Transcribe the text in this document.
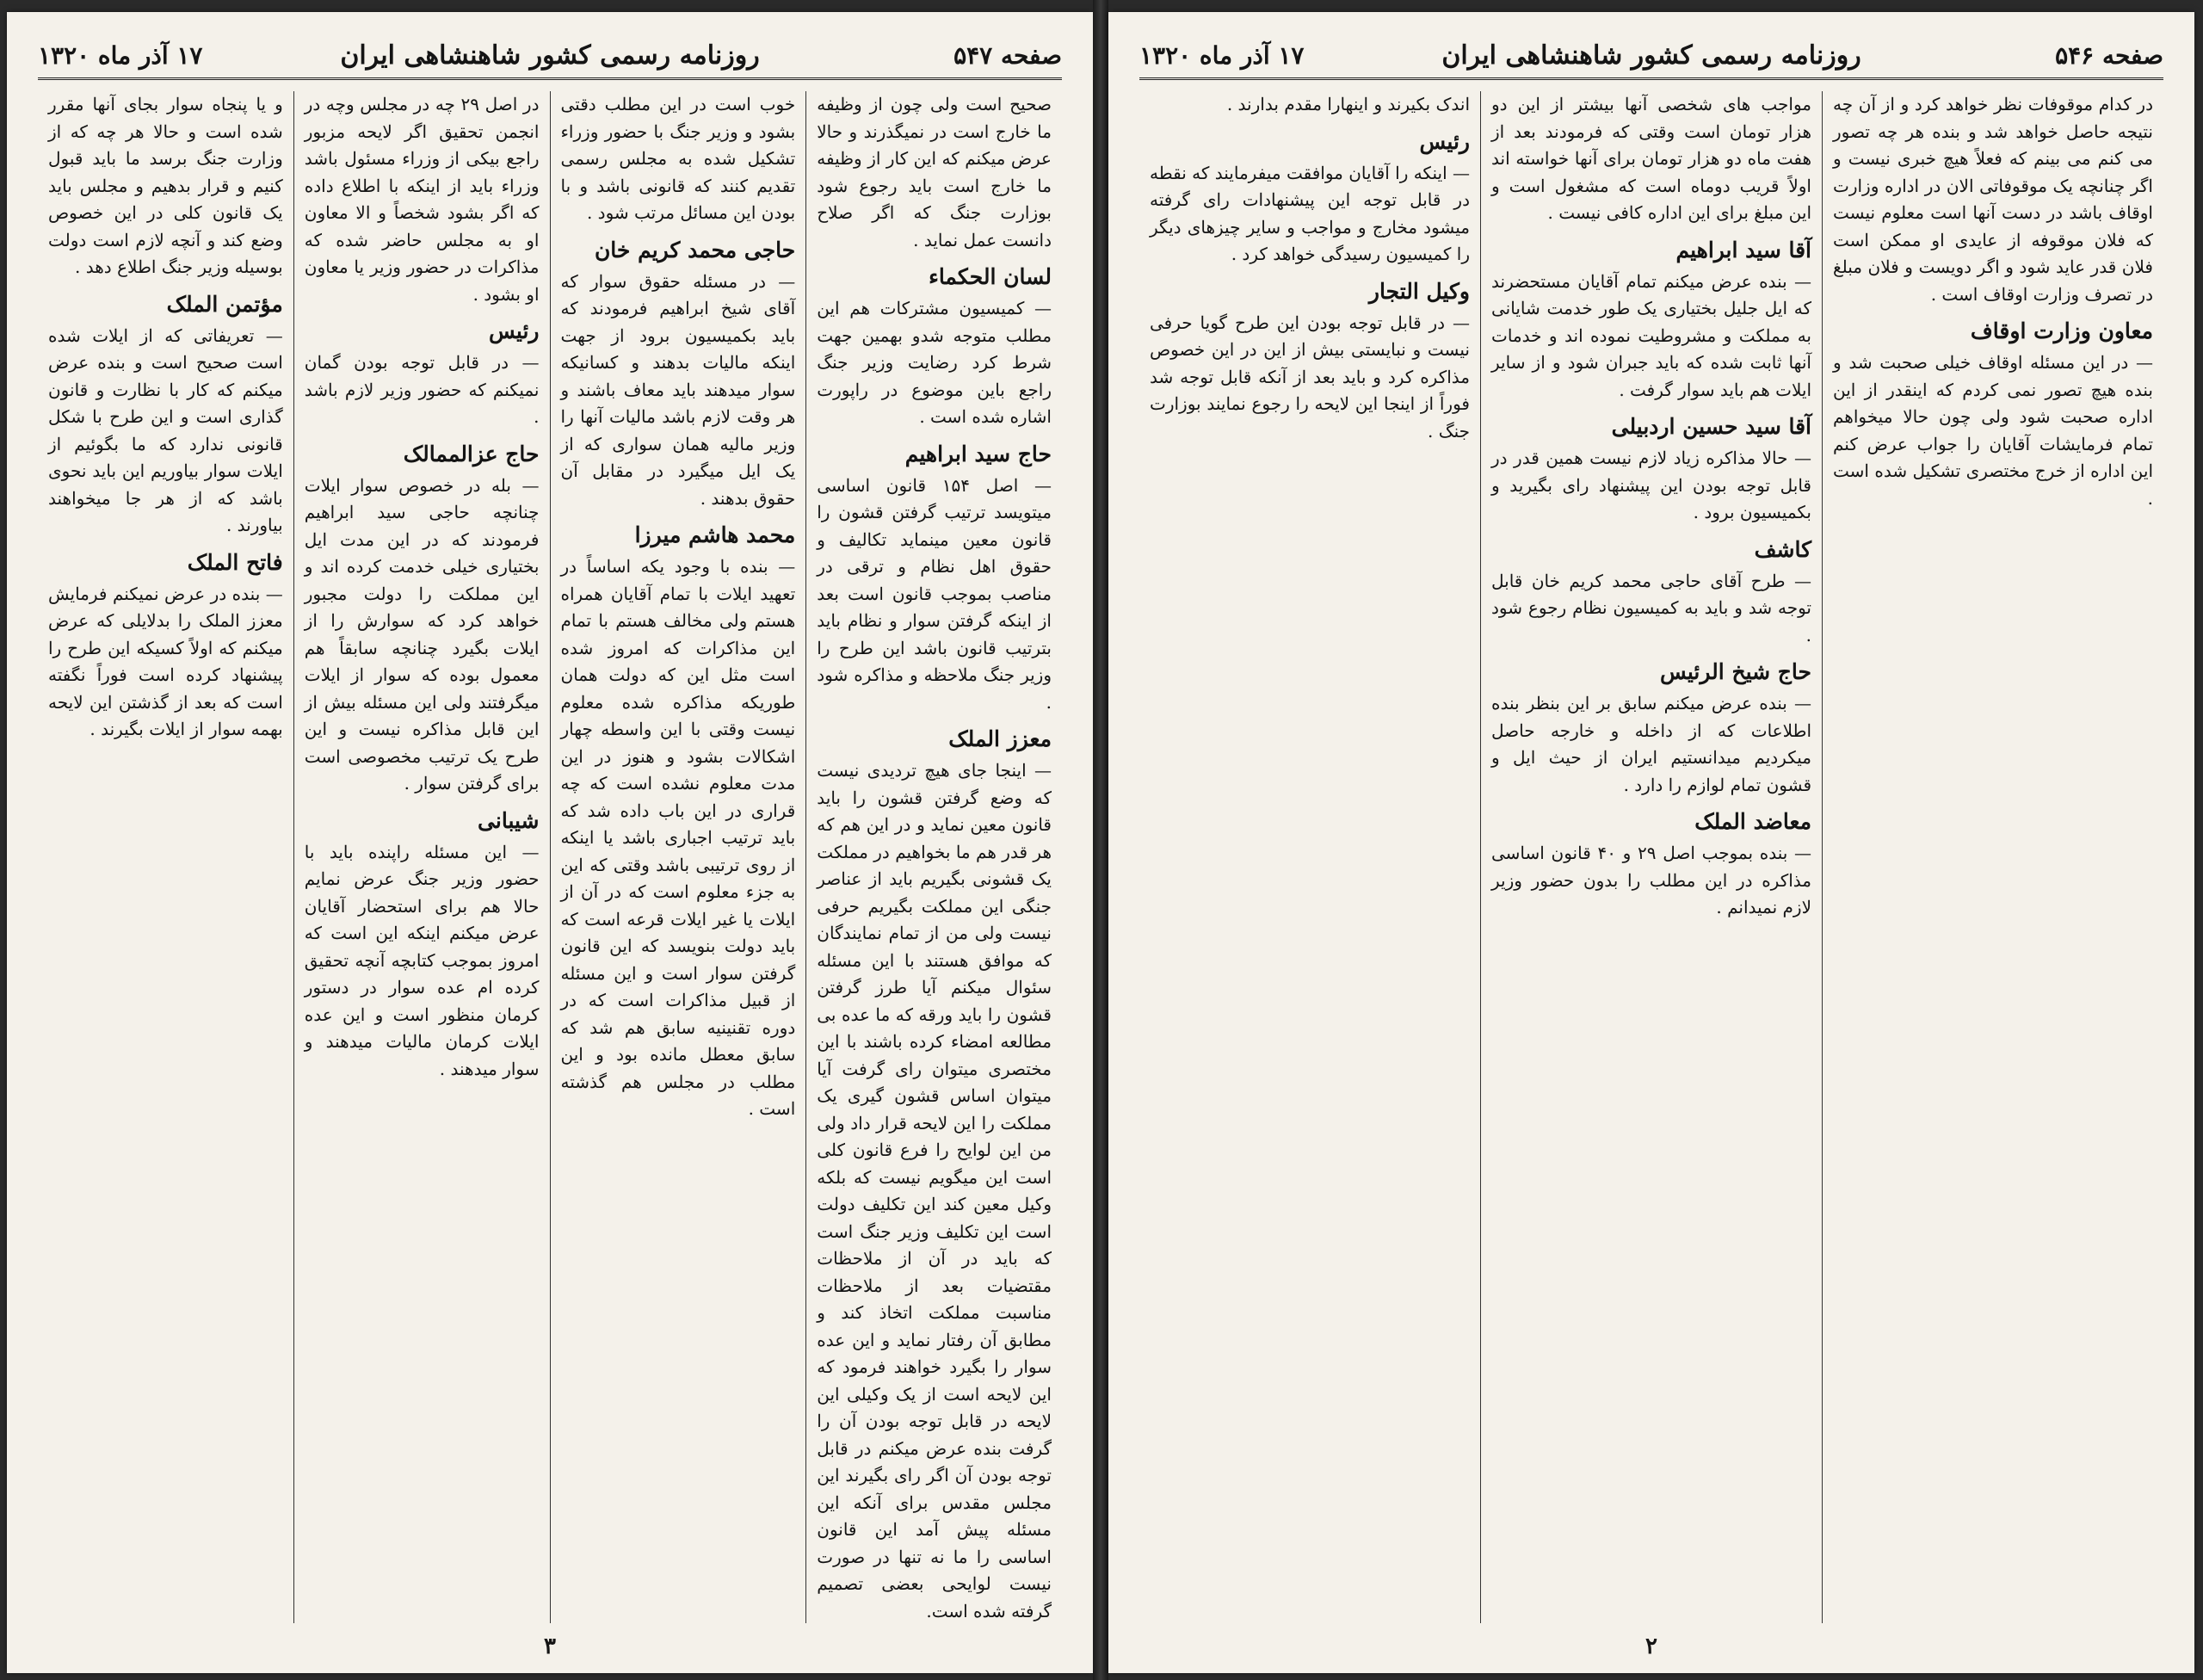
صفحه ۵۴۷
روزنامه رسمی کشور شاهنشاهی ایران
۱۷ آذر ماه ۱۳۲۰
صحیح است ولی چون از وظیفه ما خارج است در نمیگذرند و حالا عرض میکنم که این کار از وظیفه ما خارج است باید رجوع شود بوزارت جنگ که اگر صلاح دانست عمل نماید .
لسان الحکماء
— کمیسیون مشترکات هم این مطلب متوجه شدو بهمین جهت شرط کرد رضایت وزیر جنگ راجع باین موضوع در راپورت اشاره شده است .
حاج سید ابراهیم
— اصل ۱۵۴ قانون اساسی میتویسد ترتیب گرفتن قشون را قانون معین مینماید تکالیف و حقوق اهل نظام و ترقی در مناصب بموجب قانون است بعد از اینکه گرفتن سوار و نظام باید بترتیب قانون باشد این طرح را وزیر جنگ ملاحظه و مذاکره شود .
معزز الملک
— اینجا جای هیچ تردیدی نیست که وضع گرفتن قشون را باید قانون معین نماید و در این هم که هر قدر هم ما بخواهیم در مملکت یک قشونی بگیریم باید از عناصر جنگی این مملکت بگیریم حرفی نیست ولی من از تمام نمایندگان که موافق هستند با این مسئله سئوال میکنم آیا طرز گرفتن قشون را باید ورقه که ما عده بی مطالعه امضاء کرده باشند با این مختصری میتوان رای گرفت آیا میتوان اساس قشون گیری یک مملکت را این لایحه قرار داد ولی من این لوایح را فرع قانون کلی است این میگویم نیست که بلکه وکیل معین کند این تکلیف دولت است این تکلیف وزیر جنگ است که باید در آن از ملاحظات مقتضیات بعد از ملاحظات مناسبت مملکت اتخاذ کند و مطابق آن رفتار نماید و این عده سوار را بگیرد خواهند فرمود که این لایحه است از یک وکیلی این لایحه در قابل توجه بودن آن را گرفت بنده عرض میکنم در قابل توجه بودن آن اگر رای بگیرند این مجلس مقدس برای آنکه این مسئله پیش آمد این قانون اساسی را ما نه تنها در صورت نیست لوایحی بعضی تصمیم گرفته شده است.
خوب است در این مطلب دقتی بشود و وزیر جنگ با حضور وزراء تشکیل شده به مجلس رسمی تقدیم کنند که قانونی باشد و با بودن این مسائل مرتب شود .
حاجی محمد کریم خان
— در مسئله حقوق سوار که آقای شیخ ابراهیم فرمودند که باید بکمیسیون برود از جهت اینکه مالیات بدهند و کسانیکه سوار میدهند باید معاف باشند و هر وقت لازم باشد مالیات آنها را وزیر مالیه همان سواری که از یک ایل میگیرد در مقابل آن حقوق بدهند .
محمد هاشم میرزا
— بنده با وجود یکه اساساً در تعهید ایلات با تمام آقایان همراه هستم ولی مخالف هستم با تمام این مذاکرات که امروز شده است مثل این که دولت همان طوریکه مذاکره شده معلوم نیست وقتی با این واسطه چهار اشکالات بشود و هنوز در این مدت معلوم نشده است که چه قراری در این باب داده شد که باید ترتیب اجباری باشد یا اینکه از روی ترتیبی باشد وقتی که این به جزء معلوم است که در آن از ایلات یا غیر ایلات قرعه است که باید دولت بنویسد که این قانون گرفتن سوار است و این مسئله از قبیل مذاکرات است که در دوره تقنینیه سابق هم شد که سابق معطل مانده بود و این مطلب در مجلس هم گذشته است .
در اصل ۲۹ چه در مجلس وچه در انجمن تحقیق اگر لایحه مزبور راجع بیکی از وزراء مسئول باشد وزراء باید از اینکه با اطلاع داده که اگر بشود شخصاً و الا معاون او به مجلس حاضر شده که مذاکرات در حضور وزیر یا معاون او بشود .
رئیس
— در قابل توجه بودن گمان نمیکنم که حضور وزیر لازم باشد .
حاج عزالممالک
— بله در خصوص سوار ایلات چنانچه حاجی سید ابراهیم فرمودند که در این مدت ایل بختیاری خیلی خدمت کرده اند و این مملکت را دولت مجبور خواهد کرد که سوارش را از ایلات بگیرد چنانچه سابقاً هم معمول بوده که سوار از ایلات میگرفتند ولی این مسئله بیش از این قابل مذاکره نیست و این طرح یک ترتیب مخصوصی است برای گرفتن سوار .
شیبانی
— این مسئله راپنده باید با حضور وزیر جنگ عرض نمایم حالا هم برای استحضار آقایان عرض میکنم اینکه این است که امروز بموجب کتابچه آنچه تحقیق کرده ام عده سوار در دستور کرمان منظور است و این عده ایلات کرمان مالیات میدهند و سوار میدهند .
و یا پنجاه سوار بجای آنها مقرر شده است و حالا هر چه که از وزارت جنگ برسد ما باید قبول کنیم و قرار بدهیم و مجلس باید یک قانون کلی در این خصوص وضع کند و آنچه لازم است دولت بوسیله وزیر جنگ اطلاع دهد .
مؤتمن الملک
— تعریفاتی که از ایلات شده است صحیح است و بنده عرض میکنم که کار با نظارت و قانون گذاری است و این طرح با شکل قانونی ندارد که ما بگوئیم از ایلات سوار بیاوریم این باید نحوی باشد که از هر جا میخواهند بیاورند .
فاتح الملک
— بنده در عرض نمیکنم فرمایش معزز الملک را بدلایلی که عرض میکنم که اولاً کسیکه این طرح را پیشنهاد کرده است فوراً نگفته است که بعد از گذشتن این لایحه بهمه سوار از ایلات بگیرند .
۳
صفحه ۵۴۶
روزنامه رسمی کشور شاهنشاهی ایران
۱۷ آذر ماه ۱۳۲۰
در کدام موقوفات نظر خواهد کرد و از آن چه نتیجه حاصل خواهد شد و بنده هر چه تصور می کنم می بینم که فعلاً هیچ خبری نیست و اگر چنانچه یک موقوفاتی الان در اداره وزارت اوقاف باشد در دست آنها است معلوم نیست که فلان موقوفه از عایدی او ممکن است فلان قدر عاید شود و اگر دویست و فلان مبلغ در تصرف وزارت اوقاف است .
معاون وزارت اوقاف
— در این مسئله اوقاف خیلی صحبت شد و بنده هیچ تصور نمی کردم که اینقدر از این اداره صحبت شود ولی چون حالا میخواهم تمام فرمایشات آقایان را جواب عرض کنم این اداره از خرج مختصری تشکیل شده است .
مواجب های شخصی آنها بیشتر از این دو هزار تومان است وقتی که فرمودند بعد از هفت ماه دو هزار تومان برای آنها خواسته اند اولاً قریب دوماه است که مشغول است و این مبلغ برای این اداره کافی نیست .
آقا سید ابراهیم
— بنده عرض میکنم تمام آقایان مستحضرند که ایل جلیل بختیاری یک طور خدمت شایانی به مملکت و مشروطیت نموده اند و خدمات آنها ثابت شده که باید جبران شود و از سایر ایلات هم باید سوار گرفت .
آقا سید حسین اردبیلی
— حالا مذاکره زیاد لازم نیست همین قدر در قابل توجه بودن این پیشنهاد رای بگیرید و بکمیسیون برود .
کاشف
— طرح آقای حاجی محمد کریم خان قابل توجه شد و باید به کمیسیون نظام رجوع شود .
حاج شیخ الرئیس
— بنده عرض میکنم سابق بر این بنظر بنده اطلاعات که از داخله و خارجه حاصل میکردیم میدانستیم ایران از حیث ایل و قشون تمام لوازم را دارد .
معاضد الملک
— بنده بموجب اصل ۲۹ و ۴۰ قانون اساسی مذاکره در این مطلب را بدون حضور وزیر لازم نمیدانم .
اندک بکیرند و اینهارا مقدم بدارند .
رئیس
— اینکه را آقایان موافقت میفرمایند که نقطه در قابل توجه این پیشنهادات رای گرفته میشود مخارج و مواجب و سایر چیزهای دیگر را کمیسیون رسیدگی خواهد کرد .
وکیل التجار
— در قابل توجه بودن این طرح گویا حرفی نیست و نبایستی بیش از این در این خصوص مذاکره کرد و باید بعد از آنکه قابل توجه شد فوراً از اینجا این لایحه را رجوع نمایند بوزارت جنگ .
۲
